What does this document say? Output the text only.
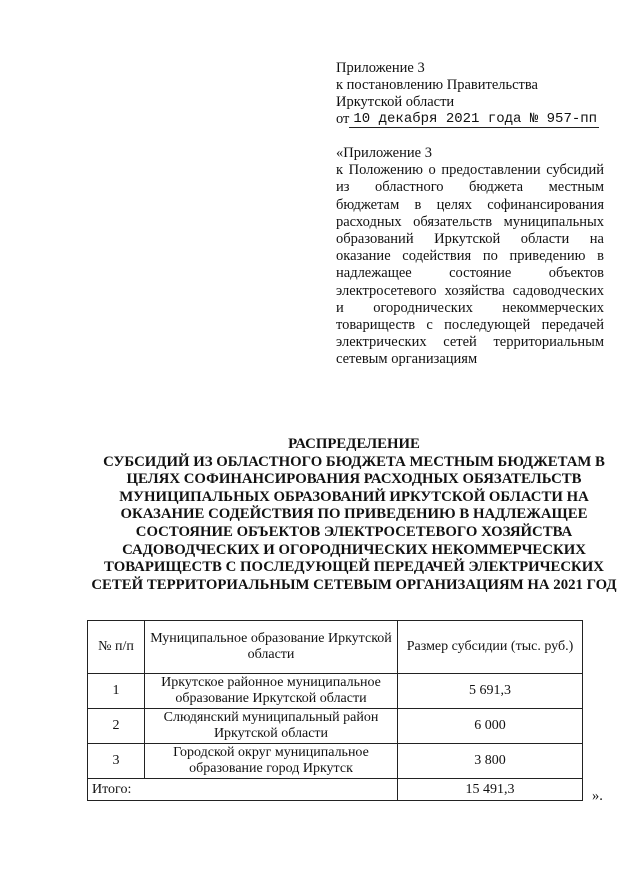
Приложение 3
к постановлению Правительства
Иркутской области
от 10 декабря 2021 года № 957-пп
«Приложение 3
к Положению о предоставлении субсидий из областного бюджета местным бюджетам в целях софинансирования расходных обязательств муниципальных образований Иркутской области на оказание содействия по приведению в надлежащее состояние объектов электросетевого хозяйства садоводческих и огороднических некоммерческих товариществ с последующей передачей электрических сетей территориальным сетевым организациям
РАСПРЕДЕЛЕНИЕ
СУБСИДИЙ ИЗ ОБЛАСТНОГО БЮДЖЕТА МЕСТНЫМ БЮДЖЕТАМ В ЦЕЛЯХ СОФИНАНСИРОВАНИЯ РАСХОДНЫХ ОБЯЗАТЕЛЬСТВ МУНИЦИПАЛЬНЫХ ОБРАЗОВАНИЙ ИРКУТСКОЙ ОБЛАСТИ НА ОКАЗАНИЕ СОДЕЙСТВИЯ ПО ПРИВЕДЕНИЮ В НАДЛЕЖАЩЕЕ СОСТОЯНИЕ ОБЪЕКТОВ ЭЛЕКТРОСЕТЕВОГО ХОЗЯЙСТВА САДОВОДЧЕСКИХ И ОГОРОДНИЧЕСКИХ НЕКОММЕРЧЕСКИХ ТОВАРИЩЕСТВ С ПОСЛЕДУЮЩЕЙ ПЕРЕДАЧЕЙ ЭЛЕКТРИЧЕСКИХ СЕТЕЙ ТЕРРИТОРИАЛЬНЫМ СЕТЕВЫМ ОРГАНИЗАЦИЯМ НА 2021 ГОД
№ п/п	Муниципальное образование Иркутской области	Размер субсидии (тыс. руб.)
1	Иркутское районное муниципальное образование Иркутской области	5 691,3
2	Слюдянский муниципальный район Иркутской области	6 000
3	Городской округ муниципальное образование город Иркутск	3 800
Итого:		15 491,3	».
